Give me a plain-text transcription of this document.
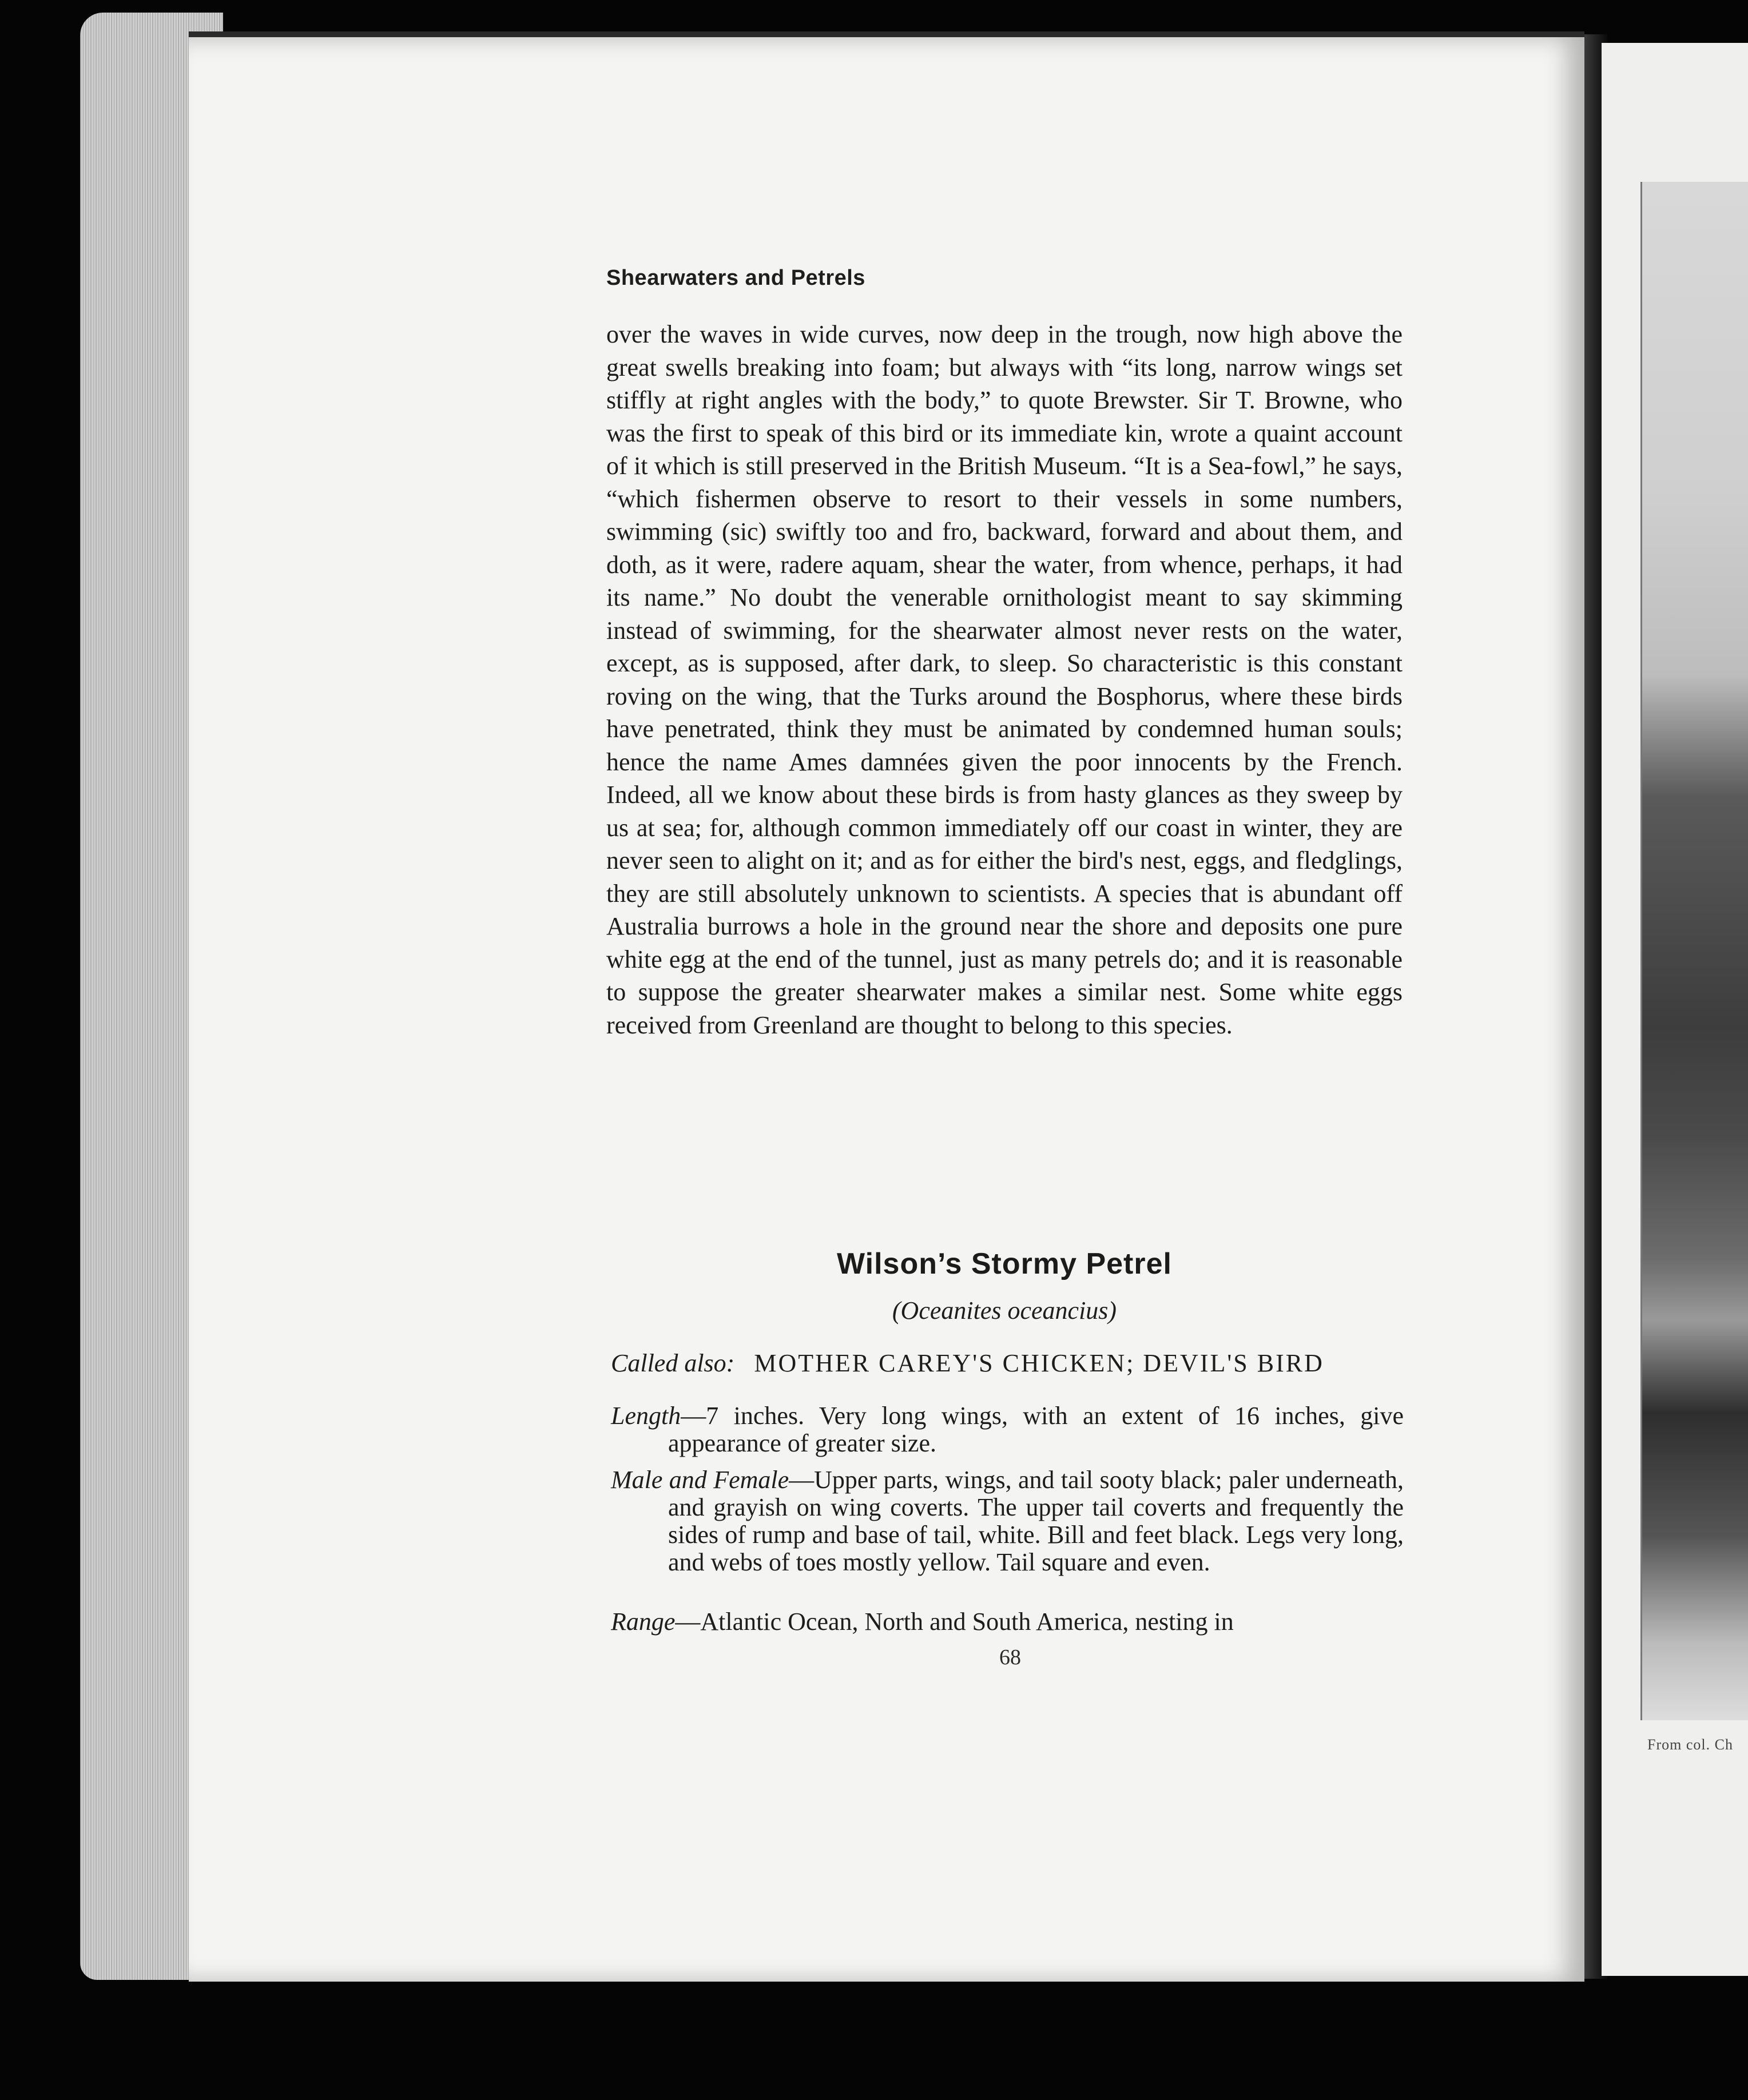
From col. Ch
Shearwaters and Petrels
over the waves in wide curves, now deep in the trough, now high above the great swells breaking into foam; but always with “its long, narrow wings set stiffly at right angles with the body,” to quote Brewster. Sir T. Browne, who was the first to speak of this bird or its immediate kin, wrote a quaint account of it which is still preserved in the British Museum. “It is a Sea-fowl,” he says, “which fishermen observe to resort to their vessels in some numbers, swimming (sic) swiftly too and fro, backward, forward and about them, and doth, as it were, radere aquam, shear the water, from whence, perhaps, it had its name.” No doubt the venerable ornithologist meant to say skimming instead of swimming, for the shearwater almost never rests on the water, except, as is supposed, after dark, to sleep. So characteristic is this constant roving on the wing, that the Turks around the Bosphorus, where these birds have penetrated, think they must be animated by condemned human souls; hence the name Ames damnées given the poor innocents by the French. Indeed, all we know about these birds is from hasty glances as they sweep by us at sea; for, although common immediately off our coast in winter, they are never seen to alight on it; and as for either the bird's nest, eggs, and fledglings, they are still absolutely unknown to scientists. A species that is abundant off Australia burrows a hole in the ground near the shore and deposits one pure white egg at the end of the tunnel, just as many petrels do; and it is reasonable to suppose the greater shearwater makes a similar nest. Some white eggs received from Greenland are thought to belong to this species.
Wilson’s Stormy Petrel
(Oceanites oceancius)
Called also: MOTHER CAREY'S CHICKEN; DEVIL'S BIRD
Length—7 inches. Very long wings, with an extent of 16 inches, give appearance of greater size.
Male and Female—Upper parts, wings, and tail sooty black; paler underneath, and grayish on wing coverts. The upper tail coverts and frequently the sides of rump and base of tail, white. Bill and feet black. Legs very long, and webs of toes mostly yellow. Tail square and even.
Range—Atlantic Ocean, North and South America, nesting in
68
